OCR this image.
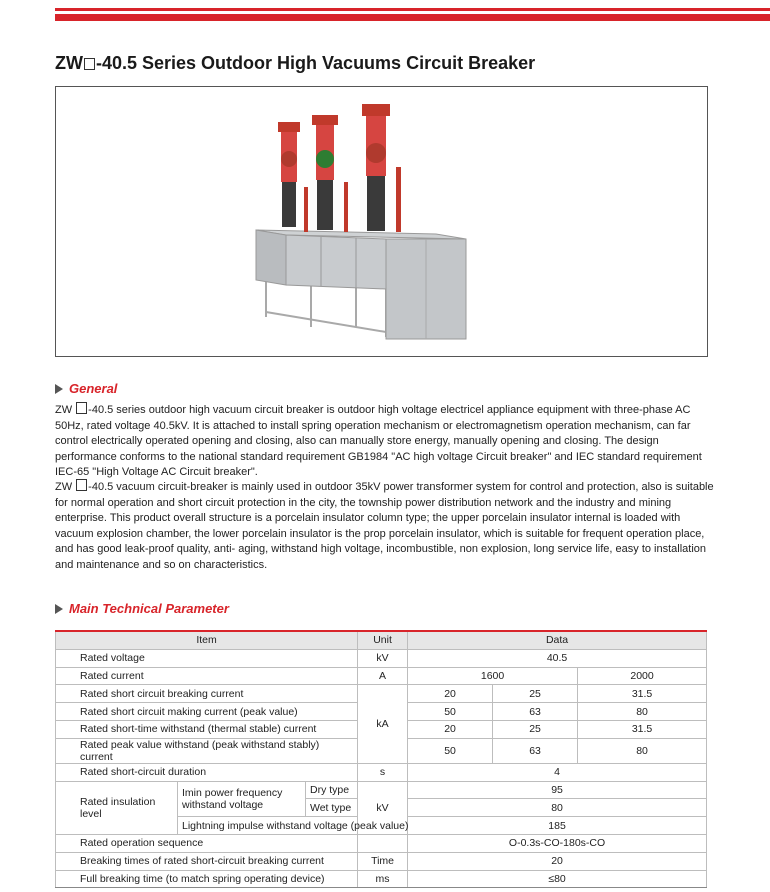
ZW -40.5 Series Outdoor High Vacuums Circuit Breaker
General

ZW -40.5 series outdoor high vacuum circuit breaker is outdoor high voltage electricel appliance equipment with three-phase AC 50Hz, rated voltage 40.5kV. It is attached to install spring operation mechanism or electromagnetism operation mechanism, can far control electrically operated opening and closing, also can manually store energy, manually opening and closing. The design performance conforms to the national standard requirement GB1984 "AC high voltage Circuit breaker" and IEC standard requirement IEC-65 "High Voltage AC Circuit breaker".

ZW -40.5 vacuum circuit-breaker is mainly used in outdoor 35kV power transformer system for control and protection, also is suitable for normal operation and short circuit protection in the city, the township power distribution network and the industry and mining enterprise. This product overall structure is a porcelain insulator column type; the upper porcelain insulator internal is loaded with vacuum explosion chamber, the lower porcelain insulator is the prop porcelain insulator, which is suitable for frequent operation place, and has good leak-proof quality, anti- aging, withstand high voltage, incombustible, non explosion, long service life, easy to installation and maintenance and so on characteristics.

Main Technical Parameter
Item			Unit	Data		
Rated voltage			kV	40.5		
Rated current			A	1600		2000
Rated short circuit breaking current			kA	20	25	31.5
Rated short circuit making current (peak value)				50	63	80
Rated short-time withstand (thermal stable) current				20	25	31.5
Rated peak value withstand (peak withstand stably) current				50	63	80
Rated short-circuit duration			s	4		
Rated insulation level	Imin power frequency withstand voltage	Dry type	kV	95		
		Wet type		80		
	Lightning impulse withstand voltage (peak value)			185		
Rated operation sequence				O-0.3s-CO-180s-CO		
Breaking times of rated short-circuit breaking current			Time	20		
Full breaking time (to match spring operating device)			ms	≤80		
